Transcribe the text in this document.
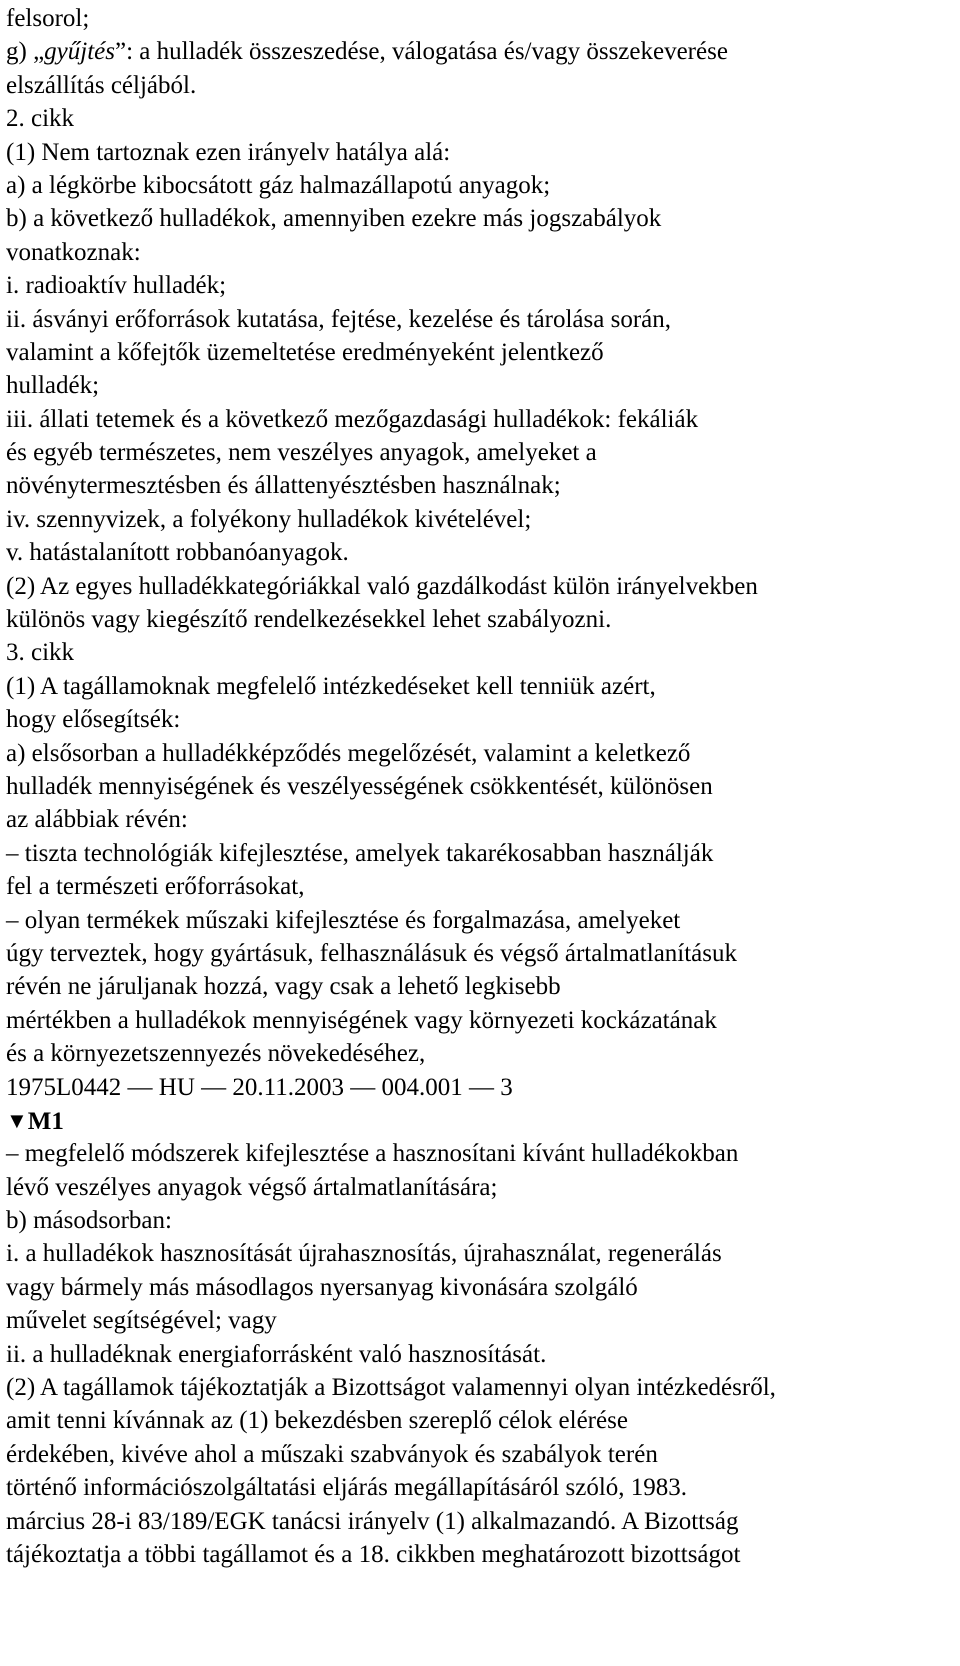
felsorol;
g) „gyűjtés”: a hulladék összeszedése, válogatása és/vagy összekeverése
elszállítás céljából.
2. cikk
(1) Nem tartoznak ezen irányelv hatálya alá:
a) a légkörbe kibocsátott gáz halmazállapotú anyagok;
b) a következő hulladékok, amennyiben ezekre más jogszabályok
vonatkoznak:
i. radioaktív hulladék;
ii. ásványi erőforrások kutatása, fejtése, kezelése és tárolása során,
valamint a kőfejtők üzemeltetése eredményeként jelentkező
hulladék;
iii. állati tetemek és a következő mezőgazdasági hulladékok: fekáliák
és egyéb természetes, nem veszélyes anyagok, amelyeket a
növénytermesztésben és állattenyésztésben használnak;
iv. szennyvizek, a folyékony hulladékok kivételével;
v. hatástalanított robbanóanyagok.
(2) Az egyes hulladékkategóriákkal való gazdálkodást külön irányelvekben
különös vagy kiegészítő rendelkezésekkel lehet szabályozni.
3. cikk
(1) A tagállamoknak megfelelő intézkedéseket kell tenniük azért,
hogy elősegítsék:
a) elsősorban a hulladékképződés megelőzését, valamint a keletkező
hulladék mennyiségének és veszélyességének csökkentését, különösen
az alábbiak révén:
– tiszta technológiák kifejlesztése, amelyek takarékosabban használják
fel a természeti erőforrásokat,
– olyan termékek műszaki kifejlesztése és forgalmazása, amelyeket
úgy terveztek, hogy gyártásuk, felhasználásuk és végső ártalmatlanításuk
révén ne járuljanak hozzá, vagy csak a lehető legkisebb
mértékben a hulladékok mennyiségének vagy környezeti kockázatának
és a környezetszennyezés növekedéséhez,
1975L0442 — HU — 20.11.2003 — 004.001 — 3
▼M1
– megfelelő módszerek kifejlesztése a hasznosítani kívánt hulladékokban
lévő veszélyes anyagok végső ártalmatlanítására;
b) másodsorban:
i. a hulladékok hasznosítását újrahasznosítás, újrahasználat, regenerálás
vagy bármely más másodlagos nyersanyag kivonására szolgáló
művelet segítségével; vagy
ii. a hulladéknak energiaforrásként való hasznosítását.
(2) A tagállamok tájékoztatják a Bizottságot valamennyi olyan intézkedésről,
amit tenni kívánnak az (1) bekezdésben szereplő célok elérése
érdekében, kivéve ahol a műszaki szabványok és szabályok terén
történő információszolgáltatási eljárás megállapításáról szóló, 1983.
március 28-i 83/189/EGK tanácsi irányelv (1) alkalmazandó. A Bizottság
tájékoztatja a többi tagállamot és a 18. cikkben meghatározott bizottságot
